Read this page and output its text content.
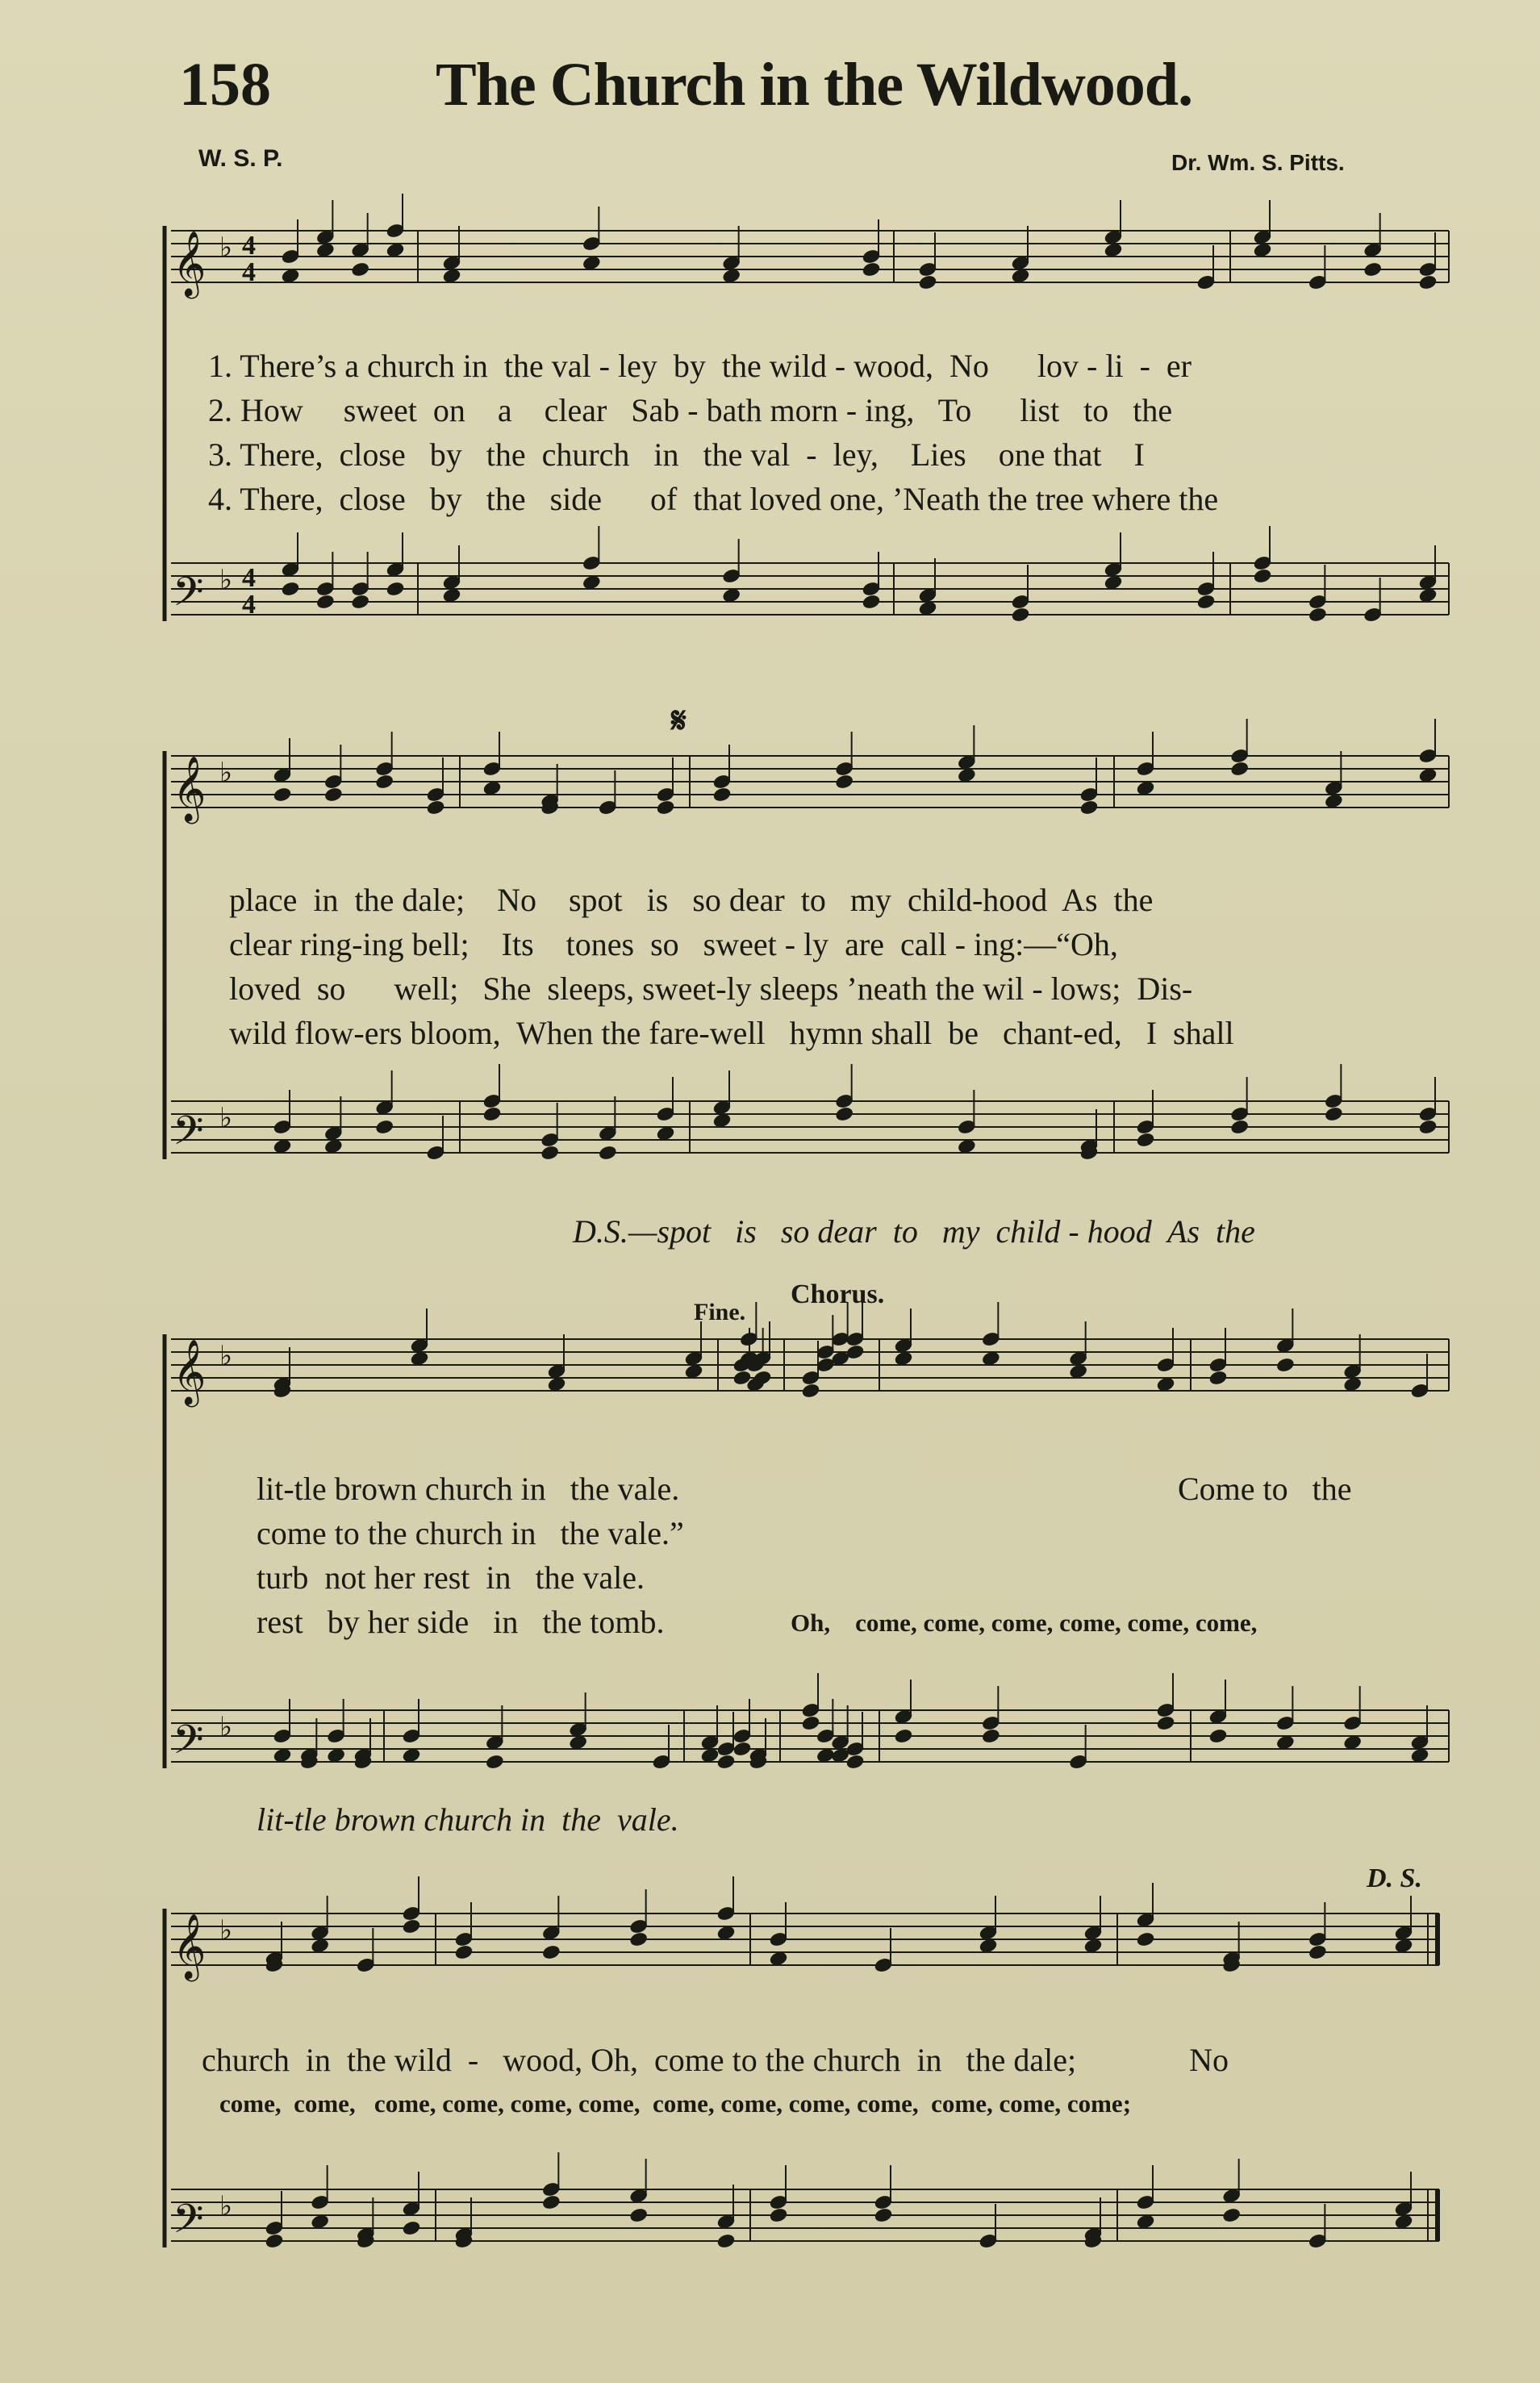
158	The Church in the Wildwood.
W. S. P.	Dr. Wm. S. Pitts.
𝄞
𝄢
𝄞
𝄢
𝄞
𝄢
𝄞
𝄢
♭
♭
♭
♭
♭
♭
♭
♭
4
4
4
4
1. There’s a church in  the val - ley  by  the wild - wood,  No      lov - li  -  er
2. How     sweet  on    a    clear   Sab - bath morn - ing,   To      list   to   the
3. There,  close   by   the  church   in   the val  -  ley,    Lies    one that    I
4. There,  close   by   the   side      of  that loved one, ’Neath the tree where the
𝄋
place  in  the dale;    No    spot   is   so dear  to   my  child-hood  As  the
clear ring-ing bell;    Its    tones  so   sweet - ly  are  call - ing:—“Oh,
loved  so      well;   She  sleeps, sweet-ly sleeps ’neath the wil - lows;  Dis-
wild flow-ers bloom,  When the fare-well   hymn shall  be   chant-ed,   I  shall
D.S.—spot   is   so dear  to   my  child - hood  As  the
Fine.
Chorus.
lit-tle brown church in   the vale.
come to the church in   the vale.”
turb  not her rest  in   the vale.
rest   by her side   in   the tomb.
Come to   the
Oh,    come, come, come, come, come, come,
lit-tle brown church in  the  vale.
D. S.
church  in  the wild  -   wood, Oh,  come to the church  in   the dale;              No
come,  come,   come, come, come, come,  come, come, come, come,  come, come, come;
